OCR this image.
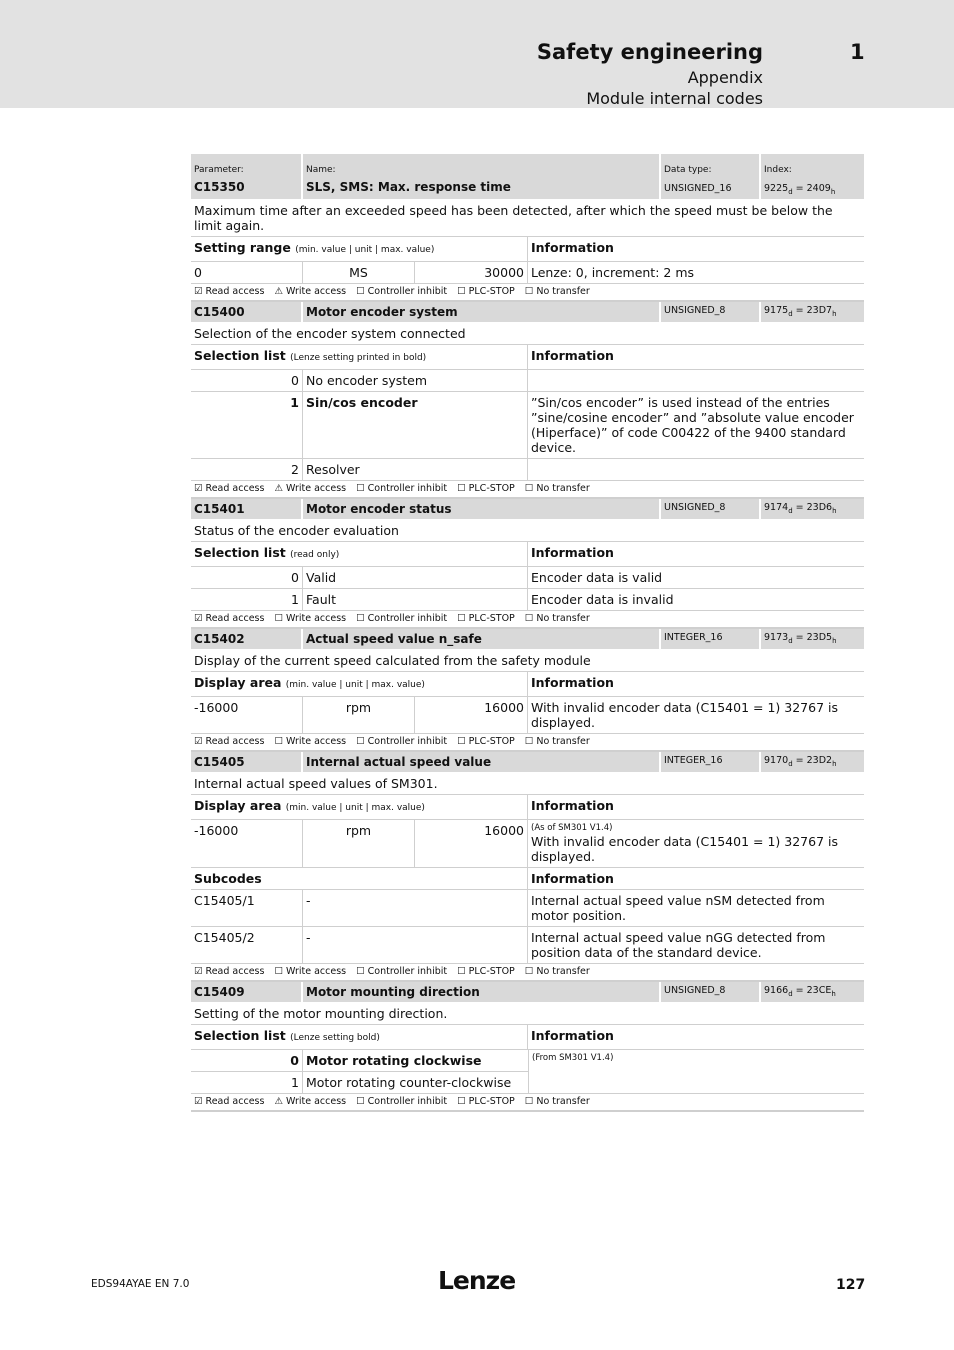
Safety engineering	1
Appendix
Module internal codes
Parameter:
C15350
Name:
SLS, SMS: Max. response time
Data type:
UNSIGNED_16
Index:
$9225_d = 2409_h$
Maximum time after an exceeded speed has been detected, after which the speed must be below the limit again.
Setting range (min. value | unit | max. value)	Information
0	MS	30000 Lenze: 0, increment: 2 ms
☑ Read access ⚠ Write access ☐ Controller inhibit ☐ PLC-STOP ☐ No transfer
C15400	Motor encoder system	UNSIGNED_8	$9175_d = 23D7_h$
Selection of the encoder system connected
Selection list (Lenze setting printed in bold)	Information
0 No encoder system
1 Sin/cos encoder	”Sin/cos encoder” is used instead of the entries ”sine/cosine encoder” and ”absolute value encoder (Hiperface)” of code C00422 of the 9400 standard device.
2 Resolver
☑ Read access ⚠ Write access ☐ Controller inhibit ☐ PLC-STOP ☐ No transfer
C15401	Motor encoder status	UNSIGNED_8	$9174_d = 23D6_h$
Status of the encoder evaluation
Selection list (read only)	Information
0 Valid	Encoder data is valid
1 Fault	Encoder data is invalid
☑ Read access ☐ Write access ☐ Controller inhibit ☐ PLC-STOP ☐ No transfer
C15402	Actual speed value n_safe	INTEGER_16	$9173_d = 23D5_h$
Display of the current speed calculated from the safety module
Display area (min. value | unit | max. value)	Information
-16000	rpm	16000 With invalid encoder data (C15401 = 1) 32767 is displayed.
☑ Read access ☐ Write access ☐ Controller inhibit ☐ PLC-STOP ☐ No transfer
C15405	Internal actual speed value	INTEGER_16	$9170_d = 23D2_h$
Internal actual speed values of SM301.
Display area (min. value | unit | max. value)	Information
-16000	rpm	16000 (As of SM301 V1.4)
With invalid encoder data (C15401 = 1) 32767 is displayed.
Subcodes	Information
C15405/1	-	Internal actual speed value nSM detected from motor position.
C15405/2	-	Internal actual speed value nGG detected from position data of the standard device.
☑ Read access ☐ Write access ☐ Controller inhibit ☐ PLC-STOP ☐ No transfer
C15409	Motor mounting direction	UNSIGNED_8	$9166_d = 23CE_h$
Setting of the motor mounting direction.
Selection list (Lenze setting bold)	Information
0 Motor rotating clockwise
1 Motor rotating counter-clockwise
(From SM301 V1.4)
☑ Read access ⚠ Write access ☐ Controller inhibit ☐ PLC-STOP ☐ No transfer
EDS94AYAE EN 7.0	Lenze	127
